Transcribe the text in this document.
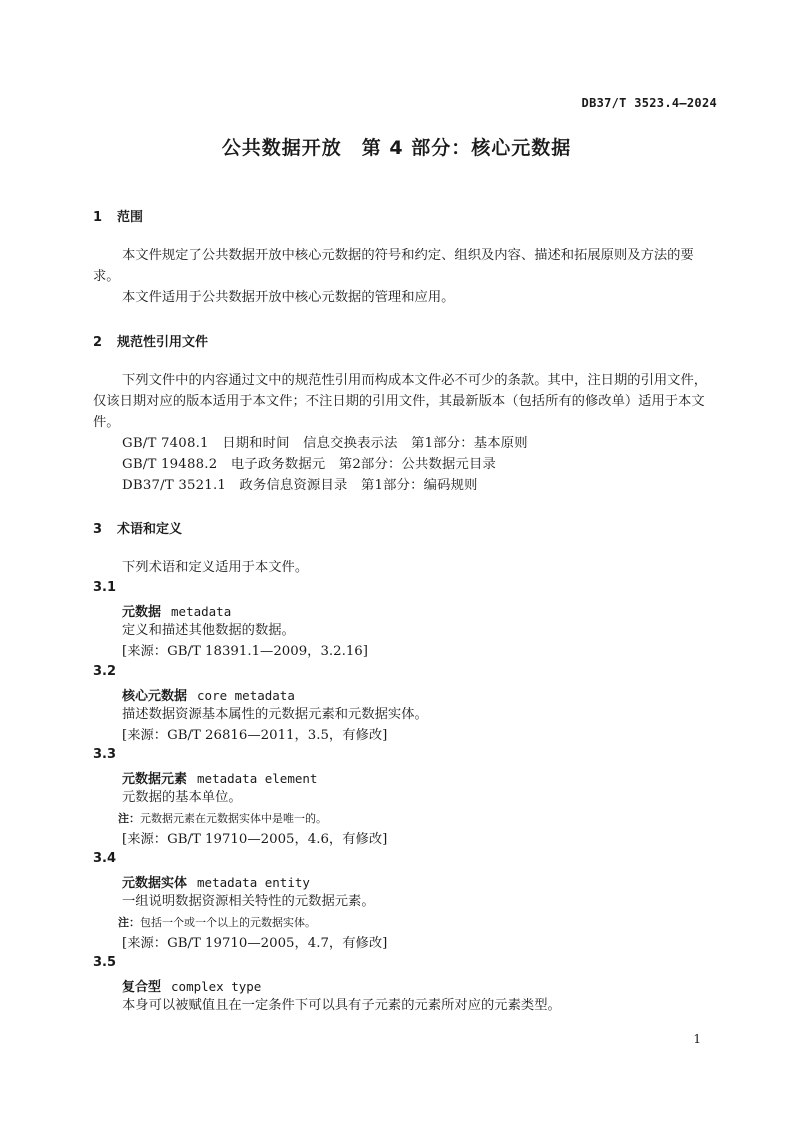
DB37/T 3523.4—2024
公共数据开放　第 4 部分：核心元数据
1 范围
本文件规定了公共数据开放中核心元数据的符号和约定、组织及内容、描述和拓展原则及方法的要求。
本文件适用于公共数据开放中核心元数据的管理和应用。
2 规范性引用文件
下列文件中的内容通过文中的规范性引用而构成本文件必不可少的条款。其中，注日期的引用文件，仅该日期对应的版本适用于本文件；不注日期的引用文件，其最新版本（包括所有的修改单）适用于本文件。
GB/T 7408.1　日期和时间　信息交换表示法　第1部分：基本原则
GB/T 19488.2　电子政务数据元　第2部分：公共数据元目录
DB37/T 3521.1　政务信息资源目录　第1部分：编码规则
3 术语和定义
下列术语和定义适用于本文件。
3.1
元数据 metadata
定义和描述其他数据的数据。
[来源：GB/T 18391.1—2009，3.2.16]
3.2
核心元数据 core metadata
描述数据资源基本属性的元数据元素和元数据实体。
[来源：GB/T 26816—2011，3.5，有修改]
3.3
元数据元素 metadata element
元数据的基本单位。
注：元数据元素在元数据实体中是唯一的。
[来源：GB/T 19710—2005，4.6，有修改]
3.4
元数据实体 metadata entity
一组说明数据资源相关特性的元数据元素。
注：包括一个或一个以上的元数据实体。
[来源：GB/T 19710—2005，4.7，有修改]
3.5
复合型 complex type
本身可以被赋值且在一定条件下可以具有子元素的元素所对应的元素类型。
1
